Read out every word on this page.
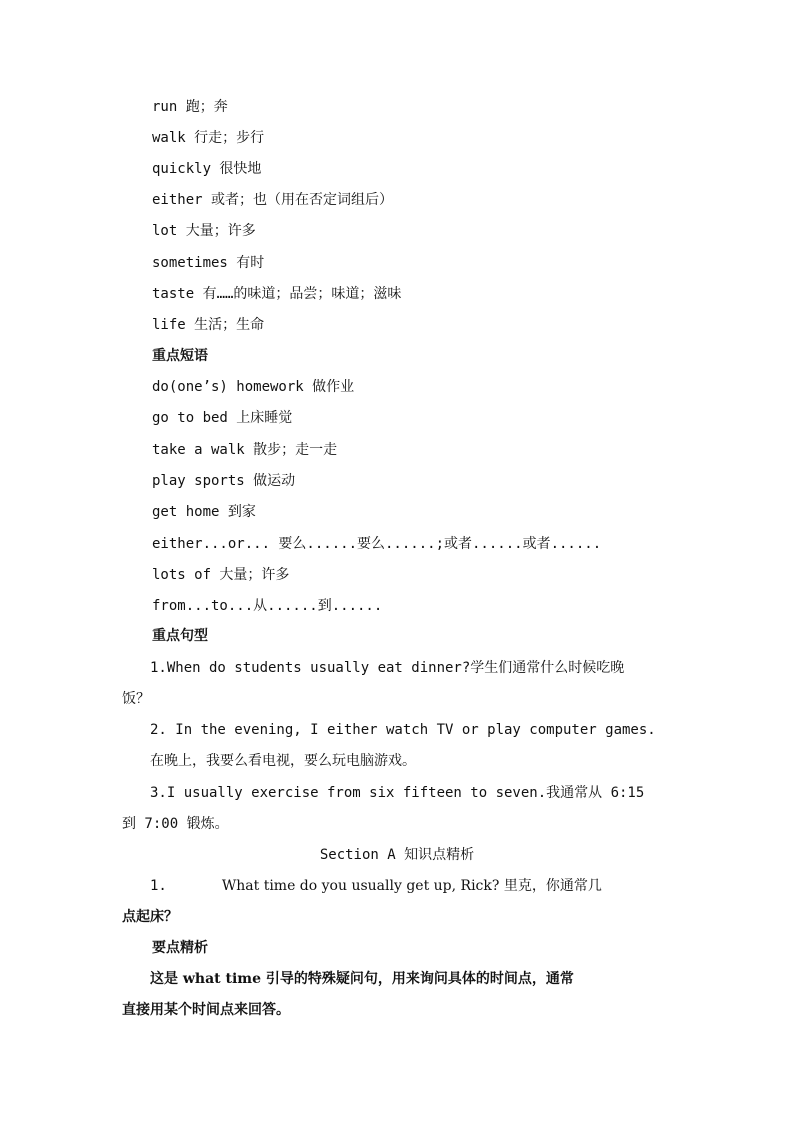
run 跑；奔
walk 行走；步行
quickly 很快地
either 或者；也（用在否定词组后）
lot 大量；许多
sometimes 有时
taste 有……的味道；品尝；味道；滋味
life 生活；生命
重点短语
do(one’s) homework 做作业
go to bed 上床睡觉
take a walk 散步；走一走
play sports 做运动
get home 到家
either...or... 要么......要么......;或者......或者......
lots of 大量；许多
from...to...从......到......
重点句型
1.When do students usually eat dinner?学生们通常什么时候吃晚
饭？
2. In the evening, I either watch TV or play computer games.
在晚上，我要么看电视，要么玩电脑游戏。
3.I usually exercise from six fifteen to seven.我通常从 6:15
到 7:00 锻炼。
Section A 知识点精析
1.	What time do you usually get up, Rick? 里克，你通常几
点起床？
要点精析
这是 what time 引导的特殊疑问句，用来询问具体的时间点，通常
直接用某个时间点来回答。
